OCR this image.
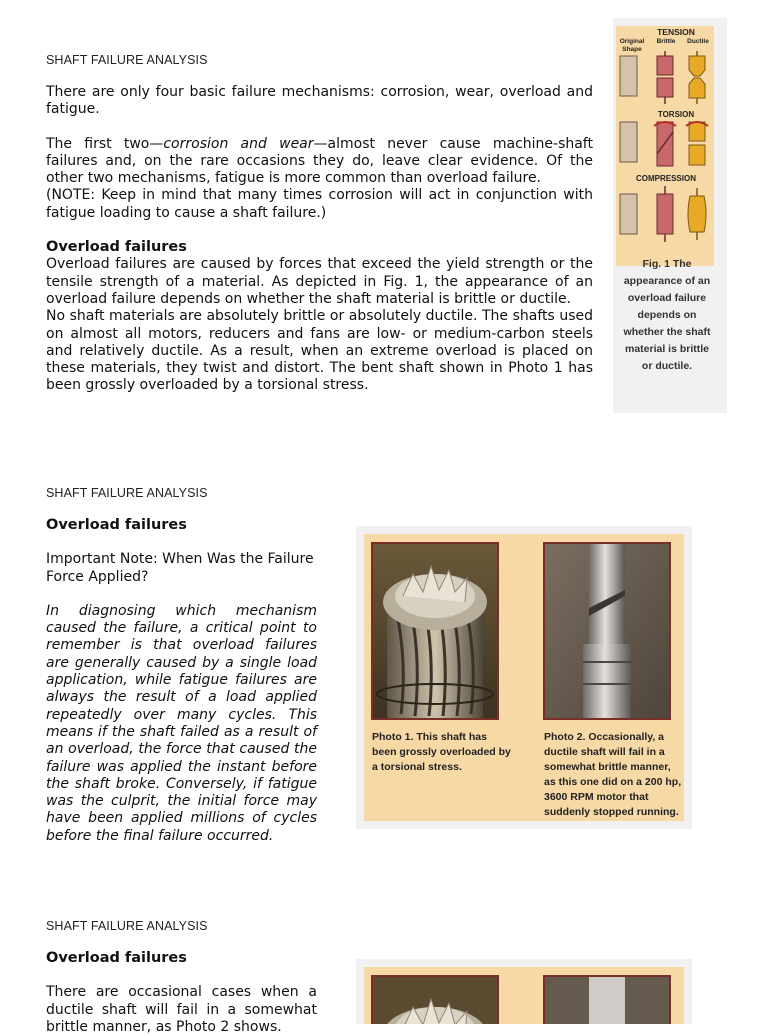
SHAFT FAILURE ANALYSIS

There are only four basic failure mechanisms: corrosion, wear, overload and fatigue.

The first two—corrosion and wear—almost never cause machine-shaft failures and, on the rare occasions they do, leave clear evidence. Of the other two mechanisms, fatigue is more common than overload failure.

(NOTE: Keep in mind that many times corrosion will act in conjunction with fatigue loading to cause a shaft failure.)

Overload failures

Overload failures are caused by forces that exceed the yield strength or the tensile strength of a material. As depicted in Fig. 1, the appearance of an overload failure depends on whether the shaft material is brittle or ductile.

No shaft materials are absolutely brittle or absolutely ductile. The shafts used on almost all motors, reducers and fans are low- or medium-carbon steels and relatively ductile. As a result, when an extreme overload is placed on these materials, they twist and distort. The bent shaft shown in Photo 1 has been grossly overloaded by a torsional stress.

TENSION
Original
Shape
Brittle	Ductile
TORSION
COMPRESSION
Fig. 1 The appearance of an overload failure depends on whether the shaft material is brittle or ductile.
SHAFT FAILURE ANALYSIS

Overload failures

Important Note: When Was the Failure Force Applied?

In diagnosing which mechanism caused the failure, a critical point to remember is that overload failures are generally caused by a single load application, while fatigue failures are always the result of a load applied repeatedly over many cycles. This means if the shaft failed as a result of an overload, the force that caused the failure was applied the instant before the shaft broke. Conversely, if fatigue was the culprit, the initial force may have been applied millions of cycles before the final failure occurred.

Photo 1. This shaft has been grossly overloaded by a torsional stress.
Photo 2. Occasionally, a ductile shaft will fail in a somewhat brittle manner, as this one did on a 200 hp, 3600 RPM motor that suddenly stopped running.
SHAFT FAILURE ANALYSIS

Overload failures

There are occasional cases when a ductile shaft will fail in a somewhat brittle manner, as Photo 2 shows.
